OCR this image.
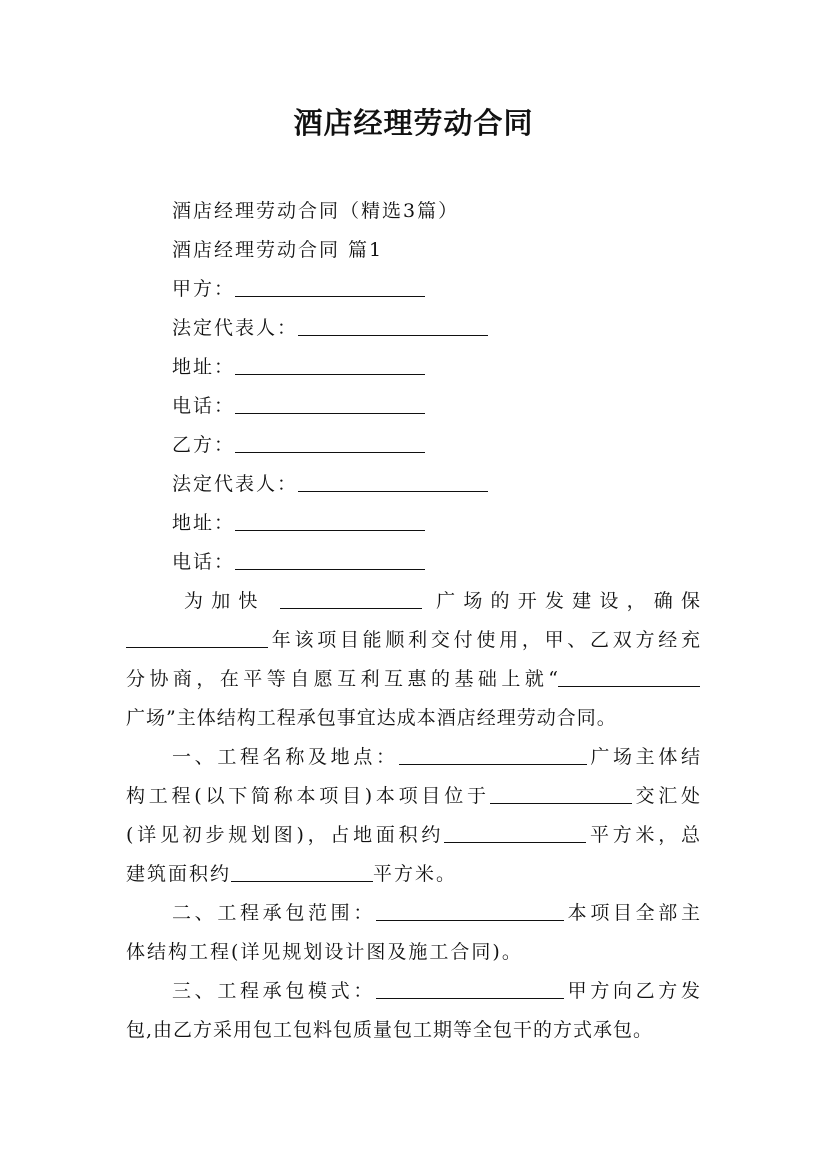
酒店经理劳动合同
酒店经理劳动合同（精选3篇）
酒店经理劳动合同 篇1
甲方：
法定代表人：
地址：
电话：
乙方：
法定代表人：
地址：
电话：
为加快	广场的开发建设，确保
年该项目能顺利交付使用，甲、乙双方经充
分协商，在平等自愿互利互惠的基础上就“
广场”主体结构工程承包事宜达成本酒店经理劳动合同。
一、工程名称及地点：	广场主体结
构工程(以下简称本项目)本项目位于	交汇处
(详见初步规划图)，占地面积约	平方米，总
建筑面积约	平方米。
二、工程承包范围：	本项目全部主
体结构工程(详见规划设计图及施工合同)。
三、工程承包模式：	甲方向乙方发
包,由乙方采用包工包料包质量包工期等全包干的方式承包。
